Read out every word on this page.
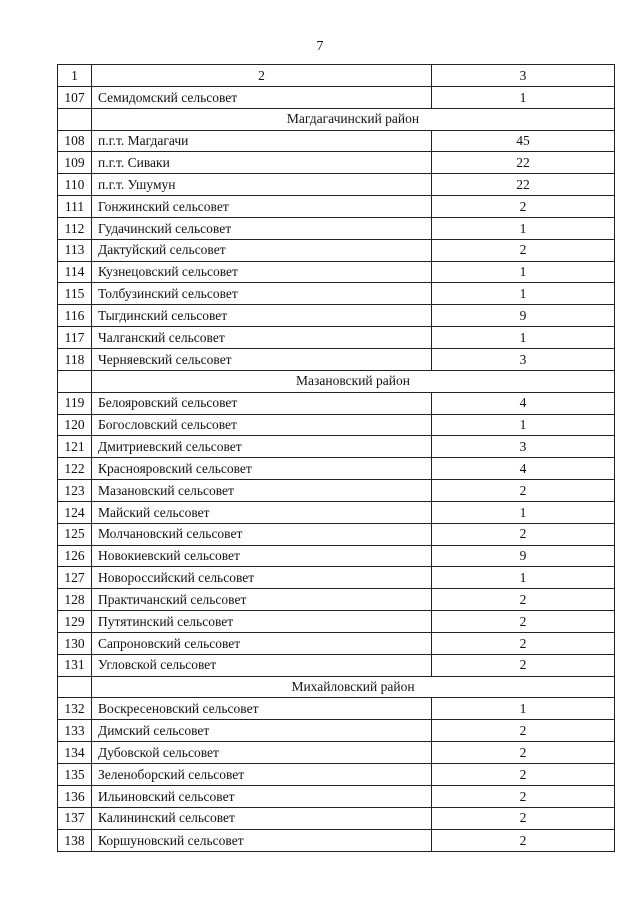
7
1	2	3
107 Семидомский сельсовет	1
Магдагачинский район
108 п.г.т. Магдагачи	45
109 п.г.т. Сиваки	22
110	п.г.т. Ушумун	22
111	Гонжинский сельсовет	2
112	Гудачинский сельсовет	1
113	Дактуйский сельсовет	2
114	Кузнецовский сельсовет	1
115	Толбузинский сельсовет	1
116	Тыгдинский сельсовет	9
117	Чалганский сельсовет	1
118	Черняевский сельсовет	3
Мазановский район
119	Белояровский сельсовет	4
120 Богословский сельсовет	1
121 Дмитриевский сельсовет	3
122 Краснояровский сельсовет	4
123 Мазановский сельсовет	2
124 Майский сельсовет	1
125 Молчановский сельсовет	2
126 Новокиевский сельсовет	9
127 Новороссийский сельсовет	1
128 Практичанский сельсовет	2
129 Путятинский сельсовет	2
130 Сапроновский сельсовет	2
131 Угловской сельсовет	2
Михайловский район
132 Воскресеновский сельсовет	1
133 Димский сельсовет	2
134 Дубовской сельсовет	2
135 Зеленоборский сельсовет	2
136 Ильиновский сельсовет	2
137 Калининский сельсовет	2
138 Коршуновский сельсовет	2
